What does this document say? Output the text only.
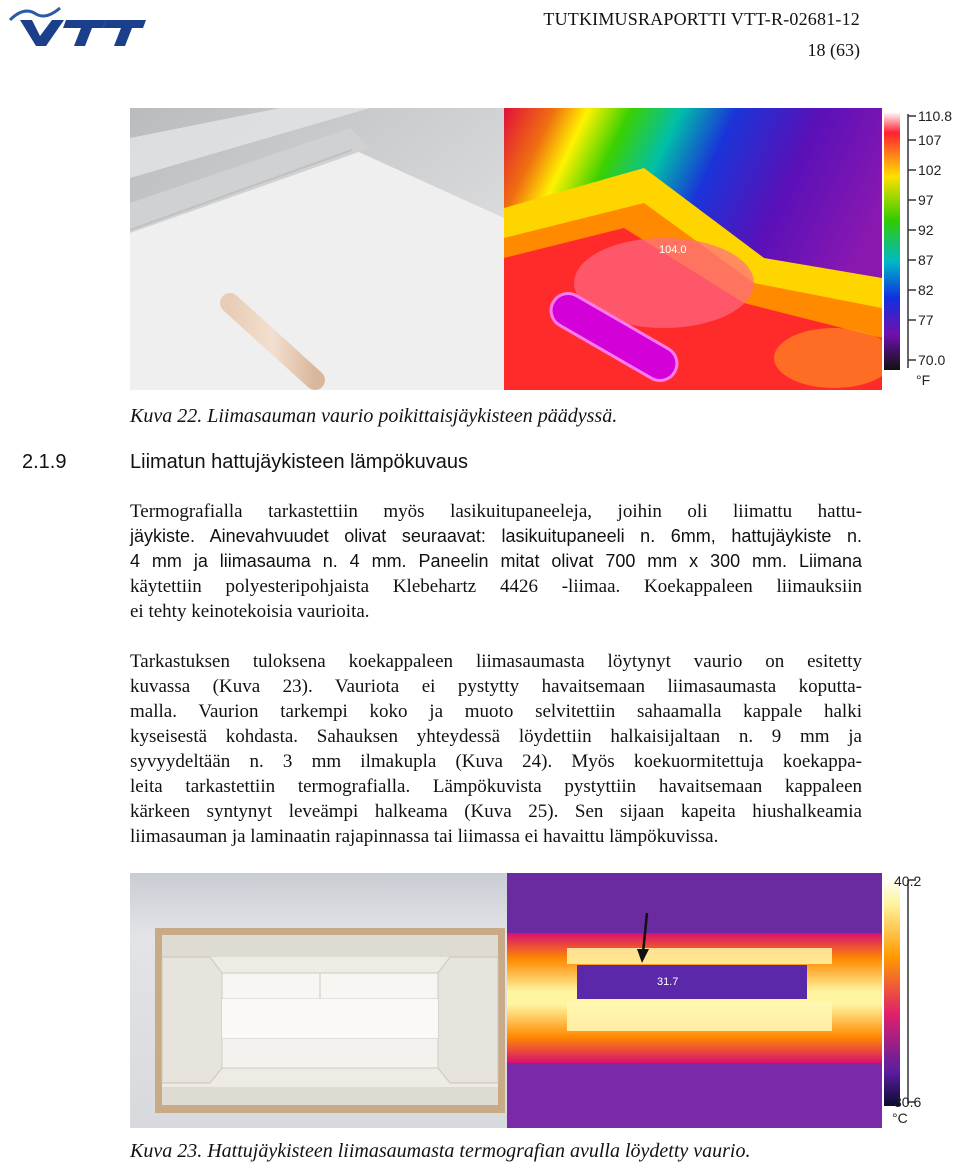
TUTKIMUSRAPORTTI VTT-R-02681-12
18 (63)
104.0
110.8
107
102
97
92
87
82
77
70.0
°F
Kuva 22. Liimasauman vaurio poikittaisjäykisteen päädyssä.
2.1.9	Liimatun hattujäykisteen lämpökuvaus
Termografialla tarkastettiin myös lasikuitupaneeleja, joihin oli liimattu hattu-
jäykiste. Ainevahvuudet olivat seuraavat: lasikuitupaneeli n. 6mm, hattujäykiste n.
4 mm ja liimasauma n. 4 mm. Paneelin mitat olivat 700 mm x 300 mm. Liimana
käytettiin polyesteripohjaista Klebehartz 4426 -liimaa. Koekappaleen liimauksiin
ei tehty keinotekoisia vaurioita.
Tarkastuksen tuloksena koekappaleen liimasaumasta löytynyt vaurio on esitetty
kuvassa (Kuva 23). Vauriota ei pystytty havaitsemaan liimasaumasta koputta-
malla. Vaurion tarkempi koko ja muoto selvitettiin sahaamalla kappale halki
kyseisestä kohdasta. Sahauksen yhteydessä löydettiin halkaisijaltaan n. 9 mm ja
syvyydeltään n. 3 mm ilmakupla (Kuva 24). Myös koekuormitettuja koekappa-
leita tarkastettiin termografialla. Lämpökuvista pystyttiin havaitsemaan kappaleen
kärkeen syntynyt leveämpi halkeama (Kuva 25). Sen sijaan kapeita hiushalkeamia
liimasauman ja laminaatin rajapinnassa tai liimassa ei havaittu lämpökuvissa.
31.7
40.2
30.6
°C
Kuva 23. Hattujäykisteen liimasaumasta termografian avulla löydetty vaurio.
